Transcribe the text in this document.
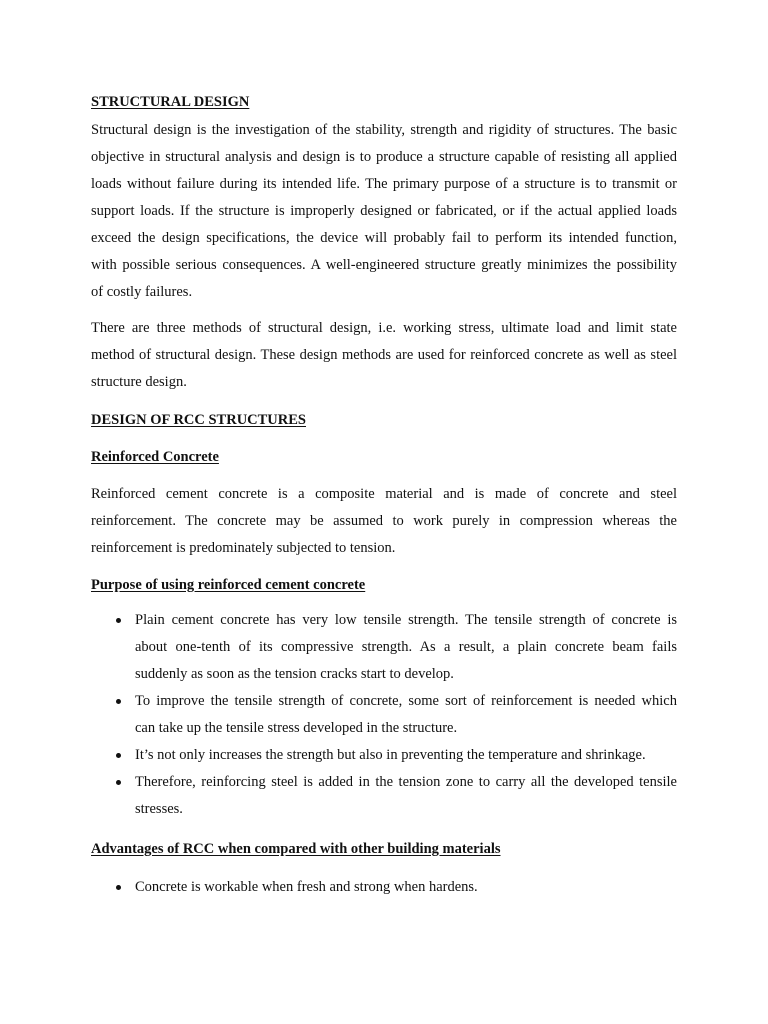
STRUCTURAL DESIGN
Structural design is the investigation of the stability, strength and rigidity of structures. The basic
objective in structural analysis and design is to produce a structure capable of resisting all applied
loads without failure during its intended life. The primary purpose of a structure is to transmit or
support loads. If the structure is improperly designed or fabricated, or if the actual applied loads
exceed the design specifications, the device will probably fail to perform its intended function,
with possible serious consequences. A well-engineered structure greatly minimizes the possibility
of costly failures.
There are three methods of structural design, i.e. working stress, ultimate load and limit state
method of structural design. These design methods are used for reinforced concrete as well as steel
structure design.
DESIGN OF RCC STRUCTURES
Reinforced Concrete
Reinforced cement concrete is a composite material and is made of concrete and steel
reinforcement. The concrete may be assumed to work purely in compression whereas the
reinforcement is predominately subjected to tension.
Purpose of using reinforced cement concrete
Plain cement concrete has very low tensile strength. The tensile strength of concrete is
about one-tenth of its compressive strength. As a result, a plain concrete beam fails
suddenly as soon as the tension cracks start to develop.
To improve the tensile strength of concrete, some sort of reinforcement is needed which
can take up the tensile stress developed in the structure.
It’s not only increases the strength but also in preventing the temperature and shrinkage.
Therefore, reinforcing steel is added in the tension zone to carry all the developed tensile
stresses.
Advantages of RCC when compared with other building materials
Concrete is workable when fresh and strong when hardens.
